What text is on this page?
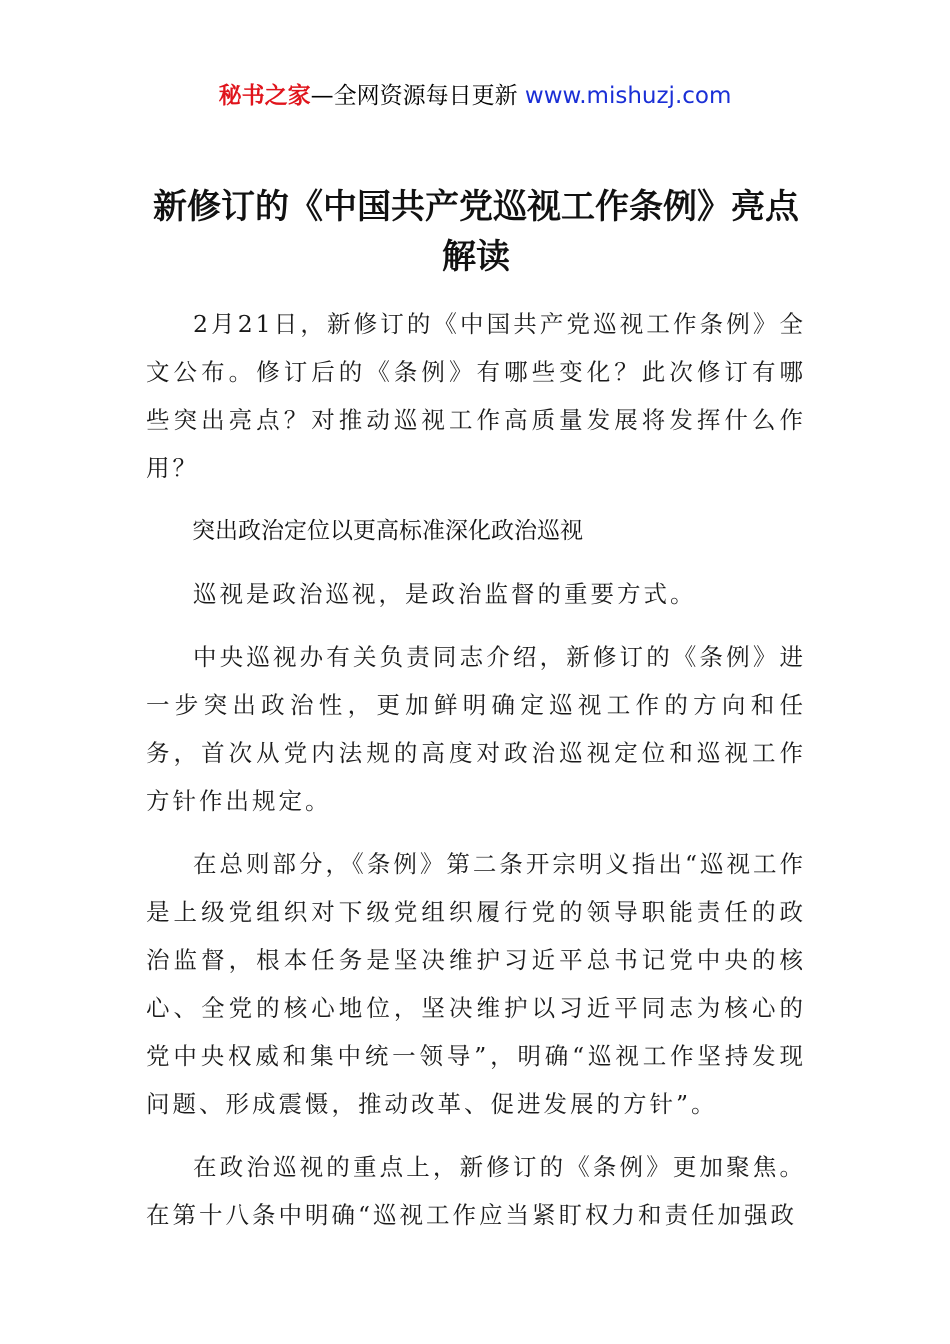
秘书之家—全网资源每日更新 www.mishuzj.com
新修订的《中国共产党巡视工作条例》亮点解读

2月21日，新修订的《中国共产党巡视工作条例》全文公布。修订后的《条例》有哪些变化？此次修订有哪些突出亮点？对推动巡视工作高质量发展将发挥什么作用？

突出政治定位以更高标准深化政治巡视

巡视是政治巡视，是政治监督的重要方式。

中央巡视办有关负责同志介绍，新修订的《条例》进一步突出政治性，更加鲜明确定巡视工作的方向和任务，首次从党内法规的高度对政治巡视定位和巡视工作方针作出规定。

在总则部分，《条例》第二条开宗明义指出“巡视工作是上级党组织对下级党组织履行党的领导职能责任的政治监督，根本任务是坚决维护习近平总书记党中央的核心、全党的核心地位，坚决维护以习近平同志为核心的党中央权威和集中统一领导”，明确“巡视工作坚持发现问题、形成震慑，推动改革、促进发展的方针”。

在政治巡视的重点上，新修订的《条例》更加聚焦。在第十八条中明确“巡视工作应当紧盯权力和责任加强政
